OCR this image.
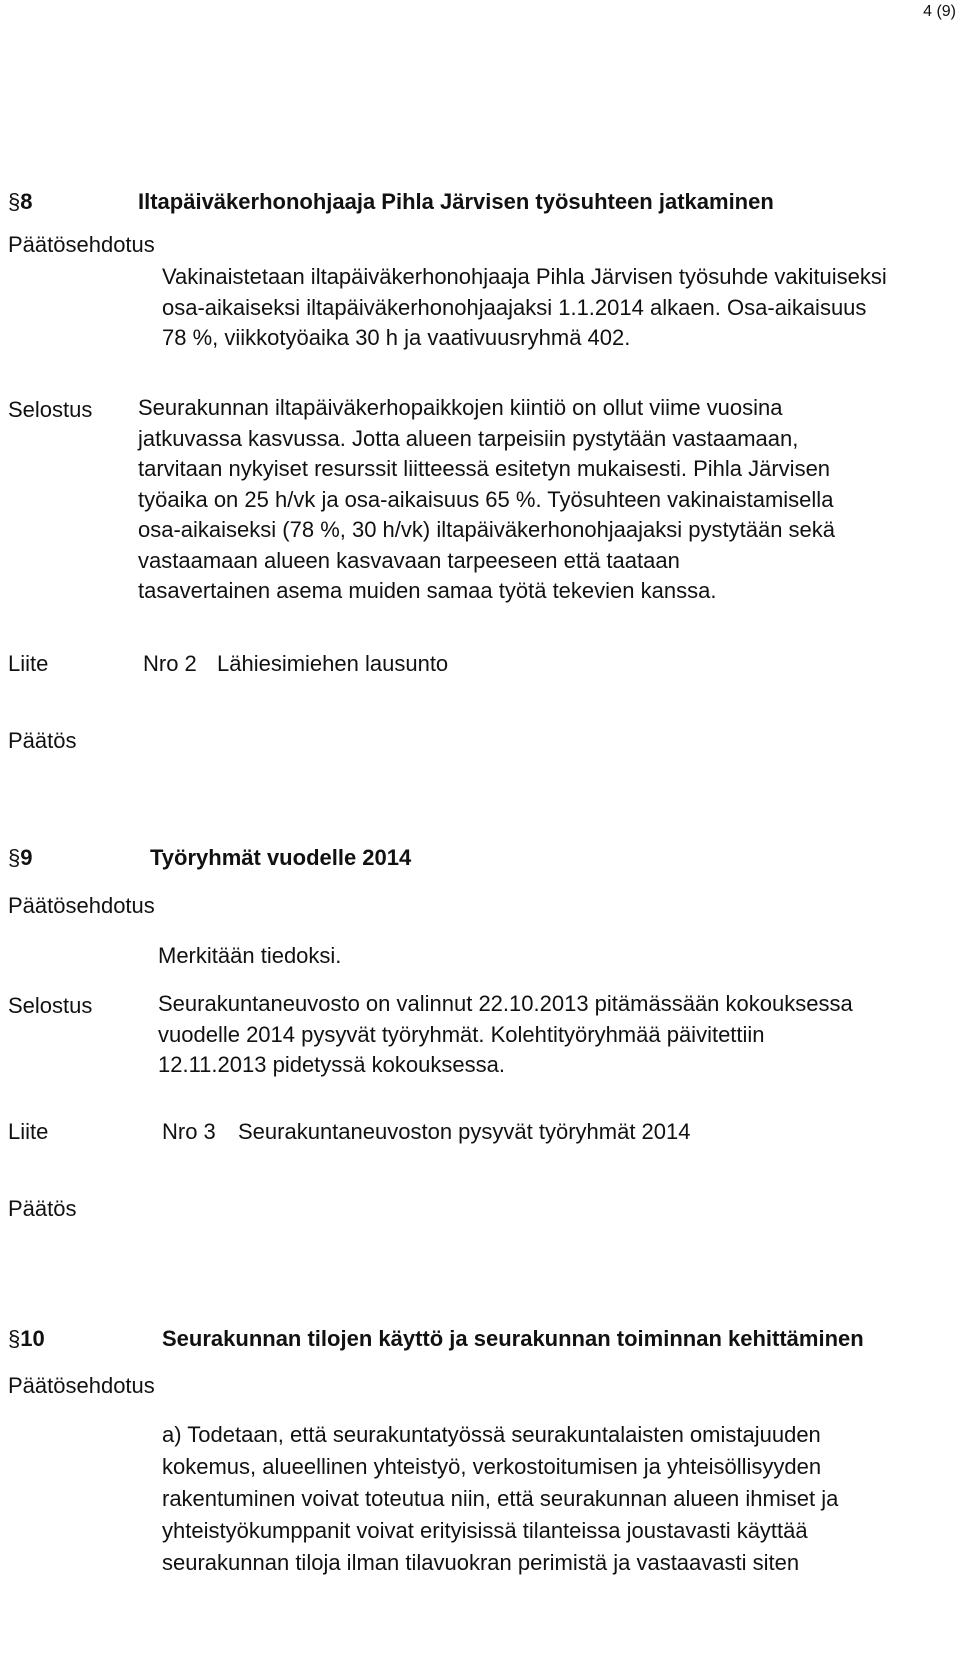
4 (9)
§8	Iltapäiväkerhonohjaaja Pihla Järvisen työsuhteen jatkaminen
Päätösehdotus
Vakinaistetaan iltapäiväkerhonohjaaja Pihla Järvisen työsuhde vakituiseksi
osa-aikaiseksi iltapäiväkerhonohjaajaksi 1.1.2014 alkaen. Osa-aikaisuus
78 %, viikkotyöaika 30 h ja vaativuusryhmä 402.
Selostus Seurakunnan iltapäiväkerhopaikkojen kiintiö on ollut viime vuosina
jatkuvassa kasvussa. Jotta alueen tarpeisiin pystytään vastaamaan,
tarvitaan nykyiset resurssit liitteessä esitetyn mukaisesti. Pihla Järvisen
työaika on 25 h/vk ja osa-aikaisuus 65 %. Työsuhteen vakinaistamisella
osa-aikaiseksi (78 %, 30 h/vk) iltapäiväkerhonohjaajaksi pystytään sekä
vastaamaan alueen kasvavaan tarpeeseen että taataan
tasavertainen asema muiden samaa työtä tekevien kanssa.
Liite	Nro 2 Lähiesimiehen lausunto
Päätös
§9	Työryhmät vuodelle 2014
Päätösehdotus
Merkitään tiedoksi.
Selostus	Seurakuntaneuvosto on valinnut 22.10.2013 pitämässään kokouksessa
vuodelle 2014 pysyvät työryhmät. Kolehtityöryhmää päivitettiin
12.11.2013 pidetyssä kokouksessa.
Liite	Nro 3 Seurakuntaneuvoston pysyvät työryhmät 2014
Päätös
§10	Seurakunnan tilojen käyttö ja seurakunnan toiminnan kehittäminen
Päätösehdotus
a) Todetaan, että seurakuntatyössä seurakuntalaisten omistajuuden
kokemus, alueellinen yhteistyö, verkostoitumisen ja yhteisöllisyyden
rakentuminen voivat toteutua niin, että seurakunnan alueen ihmiset ja
yhteistyökumppanit voivat erityisissä tilanteissa joustavasti käyttää
seurakunnan tiloja ilman tilavuokran perimistä ja vastaavasti siten
